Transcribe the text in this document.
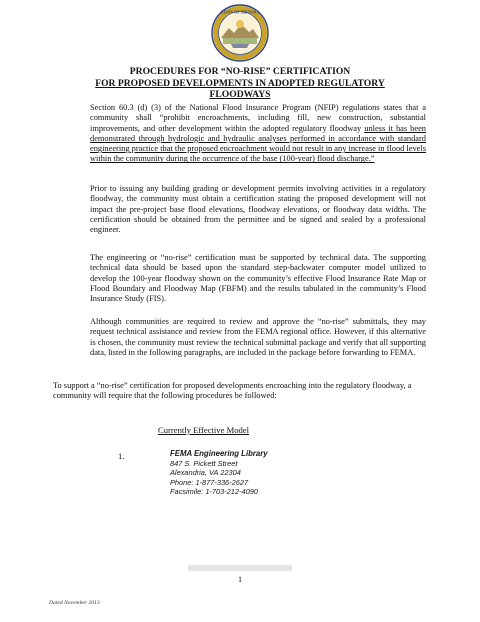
STATE OF ARIZONA
PROCEDURES FOR “NO-RISE” CERTIFICATION
FOR PROPOSED DEVELOPMENTS IN ADOPTED REGULATORY
FLOODWAYS

Section 60.3 (d) (3) of the National Flood Insurance Program (NFIP) regulations states that a community shall “prohibit encroachments, including fill, new construction, substantial improvements, and other development within the adopted regulatory floodway unless it has been demonstrated through hydrologic and hydraulic analyses performed in accordance with standard engineering practice that the proposed encroachment would not result in any increase in flood levels within the community during the occurrence of the base (100-year) flood discharge.”

Prior to issuing any building grading or development permits involving activities in a regulatory floodway, the community must obtain a certification stating the proposed development will not impact the pre-project base flood elevations, floodway elevations, or floodway data widths. The certification should be obtained from the permittee and be signed and sealed by a professional engineer.

The engineering or “no-rise” certification must be supported by technical data. The supporting technical data should be based upon the standard step-backwater computer model utilized to develop the 100-year floodway shown on the community’s effective Flood Insurance Rate Map or Flood Boundary and Floodway Map (FBFM) and the results tabulated in the community’s Flood Insurance Study (FIS).

Although communities are required to review and approve the “no-rise” submittals, they may request technical assistance and review from the FEMA regional office. However, if this alternative is chosen, the community must review the technical submittal package and verify that all supporting data, listed in the following paragraphs, are included in the package before forwarding to FEMA.

To support a “no-rise” certification for proposed developments encroaching into the regulatory floodway, a community will require that the following procedures be followed:

Currently Effective Model
1.	FEMA Engineering Library
847 S. Pickett Street
Alexandria, VA 22304
Phone: 1-877-336-2627
Facsimile: 1-703-212-4090
1
Dated November 2013
